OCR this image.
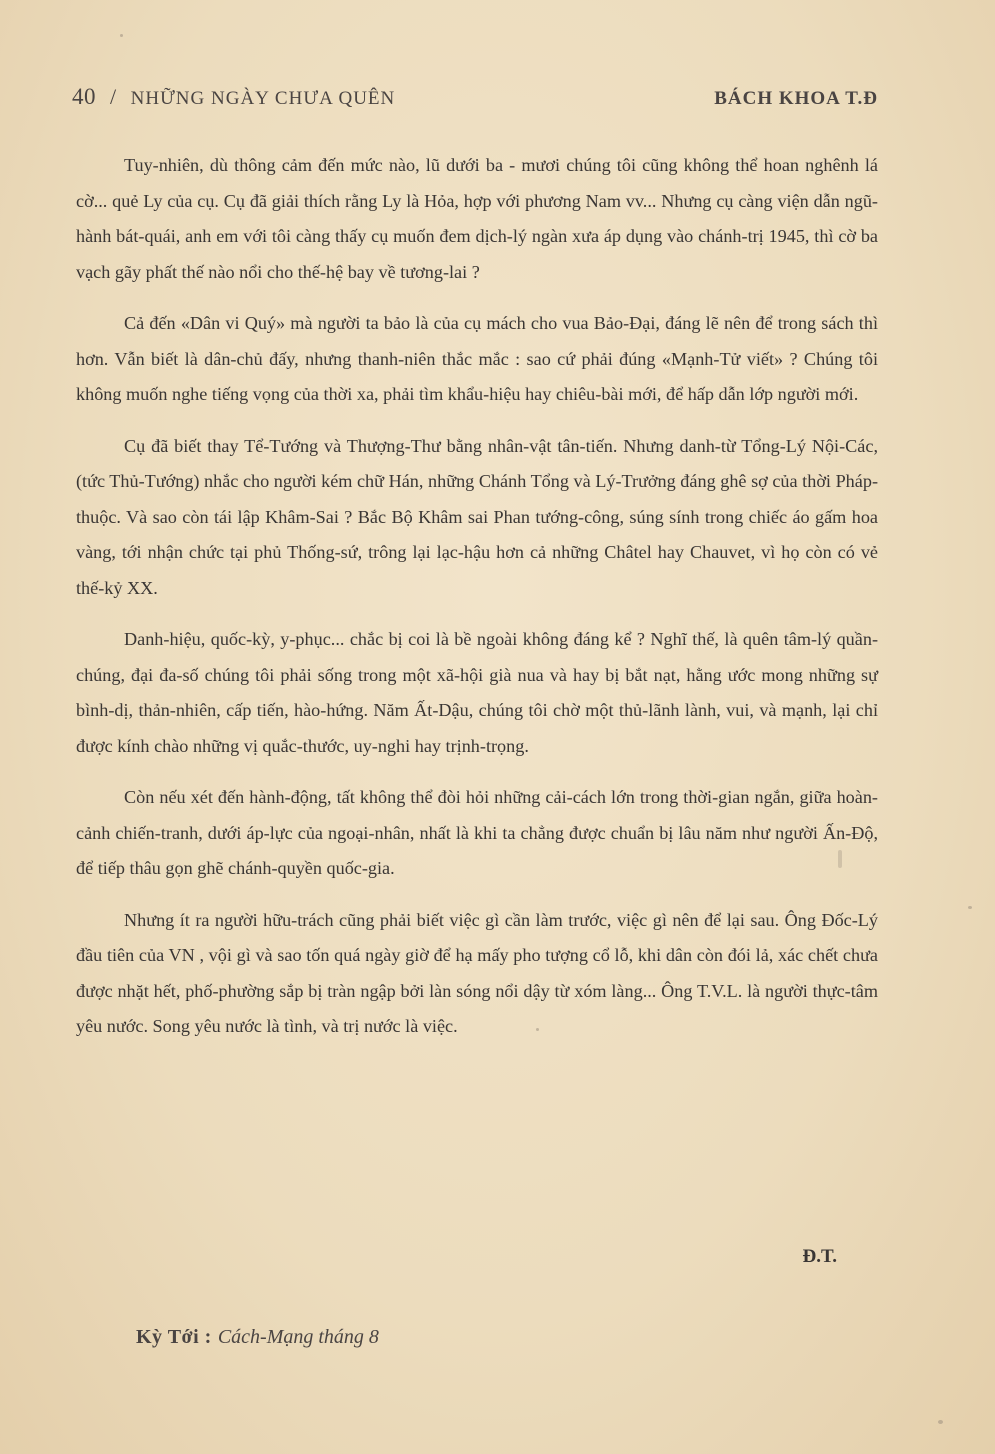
40 / NHỮNG NGÀY CHƯA QUÊN	BÁCH KHOA T.Đ

Tuy-nhiên, dù thông cảm đến mức nào, lũ dưới ba - mươi chúng tôi cũng không thể hoan nghênh lá cờ... quẻ Ly của cụ. Cụ đã giải thích rằng Ly là Hỏa, hợp với phương Nam vv... Nhưng cụ càng viện dẫn ngũ-hành bát-quái, anh em với tôi càng thấy cụ muốn đem dịch-lý ngàn xưa áp dụng vào chánh-trị 1945, thì cờ ba vạch gãy phất thế nào nổi cho thế-hệ bay về tương-lai ?

Cả đến «Dân vi Quý» mà người ta bảo là của cụ mách cho vua Bảo-Đại, đáng lẽ nên để trong sách thì hơn. Vẫn biết là dân-chủ đấy, nhưng thanh-niên thắc mắc : sao cứ phải đúng «Mạnh-Tử viết» ? Chúng tôi không muốn nghe tiếng vọng của thời xa, phải tìm khẩu-hiệu hay chiêu-bài mới, để hấp dẫn lớp người mới.

Cụ đã biết thay Tể-Tướng và Thượng-Thư bằng nhân-vật tân-tiến. Nhưng danh-từ Tổng-Lý Nội-Các, (tức Thủ-Tướng) nhắc cho người kém chữ Hán, những Chánh Tổng và Lý-Trưởng đáng ghê sợ của thời Pháp-thuộc. Và sao còn tái lập Khâm-Sai ? Bắc Bộ Khâm sai Phan tướng-công, súng sính trong chiếc áo gấm hoa vàng, tới nhận chức tại phủ Thống-sứ, trông lại lạc-hậu hơn cả những Châtel hay Chauvet, vì họ còn có vẻ thế-kỷ XX.

Danh-hiệu, quốc-kỳ, y-phục... chắc bị coi là bề ngoài không đáng kể ? Nghĩ thế, là quên tâm-lý quần-chúng, đại đa-số chúng tôi phải sống trong một xã-hội già nua và hay bị bắt nạt, hằng ước mong những sự bình-dị, thản-nhiên, cấp tiến, hào-hứng. Năm Ất-Dậu, chúng tôi chờ một thủ-lãnh lành, vui, và mạnh, lại chỉ được kính chào những vị quắc-thước, uy-nghi hay trịnh-trọng.

Còn nếu xét đến hành-động, tất không thể đòi hỏi những cải-cách lớn trong thời-gian ngắn, giữa hoàn-cảnh chiến-tranh, dưới áp-lực của ngoại-nhân, nhất là khi ta chẳng được chuẩn bị lâu năm như người Ấn-Độ, để tiếp thâu gọn ghẽ chánh-quyền quốc-gia.

Nhưng ít ra người hữu-trách cũng phải biết việc gì cần làm trước, việc gì nên để lại sau. Ông Đốc-Lý đầu tiên của VN , vội gì và sao tốn quá ngày giờ để hạ mấy pho tượng cổ lỗ, khi dân còn đói lả, xác chết chưa được nhặt hết, phố-phường sắp bị tràn ngập bởi làn sóng nổi dậy từ xóm làng... Ông T.V.L. là người thực-tâm yêu nước. Song yêu nước là tình, và trị nước là việc.

Đ.T.
Kỳ Tới : Cách-Mạng tháng 8
